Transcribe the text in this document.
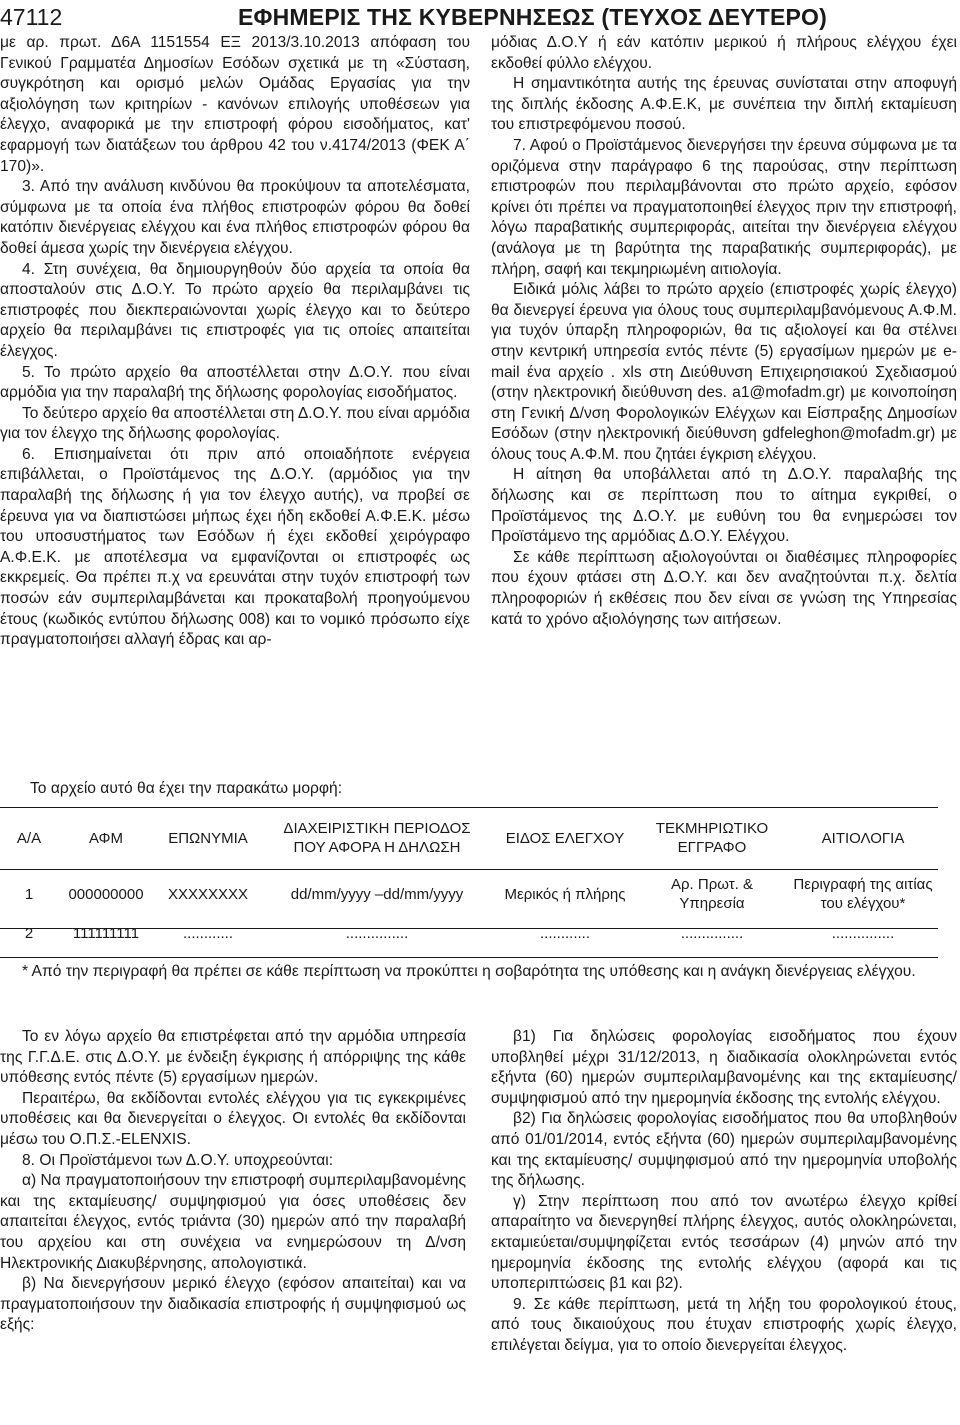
47112	ΕΦΗΜΕΡΙΣ ΤΗΣ ΚΥΒΕΡΝΗΣΕΩΣ (ΤΕΥΧΟΣ ΔΕΥΤΕΡΟ)

με αρ. πρωτ. Δ6Α 1151554 ΕΞ 2013/3.10.2013 απόφαση του Γενικού Γραμματέα Δημοσίων Εσόδων σχετικά με τη «Σύσταση, συγκρότηση και ορισμό μελών Ομάδας Εργασίας για την αξιολόγηση των κριτηρίων - κανόνων επιλογής υποθέσεων για έλεγχο, αναφορικά με την επιστροφή φόρου εισοδήματος, κατ' εφαρμογή των διατάξεων του άρθρου 42 του ν.4174/2013 (ΦΕΚ Α΄ 170)».

3. Από την ανάλυση κινδύνου θα προκύψουν τα αποτελέσματα, σύμφωνα με τα οποία ένα πλήθος επιστροφών φόρου θα δοθεί κατόπιν διενέργειας ελέγχου και ένα πλήθος επιστροφών φόρου θα δοθεί άμεσα χωρίς την διενέργεια ελέγχου.

4. Στη συνέχεια, θα δημιουργηθούν δύο αρχεία τα οποία θα αποσταλούν στις Δ.Ο.Υ. Το πρώτο αρχείο θα περιλαμβάνει τις επιστροφές που διεκπεραιώνονται χωρίς έλεγχο και το δεύτερο αρχείο θα περιλαμβάνει τις επιστροφές για τις οποίες απαιτείται έλεγχος.

5. Το πρώτο αρχείο θα αποστέλλεται στην Δ.Ο.Υ. που είναι αρμόδια για την παραλαβή της δήλωσης φορολογίας εισοδήματος.

Το δεύτερο αρχείο θα αποστέλλεται στη Δ.Ο.Υ. που είναι αρμόδια για τον έλεγχο της δήλωσης φορολογίας.

6. Επισημαίνεται ότι πριν από οποιαδήποτε ενέργεια επιβάλλεται, ο Προϊστάμενος της Δ.Ο.Υ. (αρμόδιος για την παραλαβή της δήλωσης ή για τον έλεγχο αυτής), να προβεί σε έρευνα για να διαπιστώσει μήπως έχει ήδη εκδοθεί Α.Φ.Ε.Κ. μέσω του υποσυστήματος των Εσόδων ή έχει εκδοθεί χειρόγραφο Α.Φ.Ε.Κ. με αποτέλεσμα να εμφανίζονται οι επιστροφές ως εκκρεμείς. Θα πρέπει π.χ να ερευνάται στην τυχόν επιστροφή των ποσών εάν συμπεριλαμβάνεται και προκαταβολή προηγούμενου έτους (κωδικός εντύπου δήλωσης 008) και το νομικό πρόσωπο είχε πραγματοποιήσει αλλαγή έδρας και αρ-

μόδιας Δ.Ο.Υ ή εάν κατόπιν μερικού ή πλήρους ελέγχου έχει εκδοθεί φύλλο ελέγχου.

Η σημαντικότητα αυτής της έρευνας συνίσταται στην αποφυγή της διπλής έκδοσης Α.Φ.Ε.Κ, με συνέπεια την διπλή εκταμίευση του επιστρεφόμενου ποσού.

7. Αφού ο Προϊστάμενος διενεργήσει την έρευνα σύμφωνα με τα οριζόμενα στην παράγραφο 6 της παρούσας, στην περίπτωση επιστροφών που περιλαμβάνονται στο πρώτο αρχείο, εφόσον κρίνει ότι πρέπει να πραγματοποιηθεί έλεγχος πριν την επιστροφή, λόγω παραβατικής συμπεριφοράς, αιτείται την διενέργεια ελέγχου (ανάλογα με τη βαρύτητα της παραβατικής συμπεριφοράς), με πλήρη, σαφή και τεκμηριωμένη αιτιολογία.

Ειδικά μόλις λάβει το πρώτο αρχείο (επιστροφές χωρίς έλεγχο) θα διενεργεί έρευνα για όλους τους συμπεριλαμβανόμενους Α.Φ.Μ. για τυχόν ύπαρξη πληροφοριών, θα τις αξιολογεί και θα στέλνει στην κεντρική υπηρεσία εντός πέντε (5) εργασίμων ημερών με e-mail ένα αρχείο . xls στη Διεύθυνση Επιχειρησιακού Σχεδιασμού (στην ηλεκτρονική διεύθυνση des. a1@mofadm.gr) με κοινοποίηση στη Γενική Δ/νση Φορολογικών Ελέγχων και Είσπραξης Δημοσίων Εσόδων (στην ηλεκτρονική διεύθυνση gdfeleghon@mofadm.gr) με όλους τους Α.Φ.Μ. που ζητάει έγκριση ελέγχου.

Η αίτηση θα υποβάλλεται από τη Δ.Ο.Υ. παραλαβής της δήλωσης και σε περίπτωση που το αίτημα εγκριθεί, ο Προϊστάμενος της Δ.Ο.Υ. με ευθύνη του θα ενημερώσει τον Προϊστάμενο της αρμόδιας Δ.Ο.Υ. Ελέγχου.

Σε κάθε περίπτωση αξιολογούνται οι διαθέσιμες πληροφορίες που έχουν φτάσει στη Δ.Ο.Υ. και δεν αναζητούνται π.χ. δελτία πληροφοριών ή εκθέσεις που δεν είναι σε γνώση της Υπηρεσίας κατά το χρόνο αξιολόγησης των αιτήσεων.

Το αρχείο αυτό θα έχει την παρακάτω μορφή:
Α/Α	ΑΦΜ	ΕΠΩΝΥΜΙΑ	ΔΙΑΧΕΙΡΙΣΤΙΚΗ ΠΕΡΙΟΔΟΣ ΠΟΥ ΑΦΟΡΑ Η ΔΗΛΩΣΗ	ΕΙΔΟΣ ΕΛΕΓΧΟΥ	ΤΕΚΜΗΡΙΩΤΙΚΟ ΕΓΓΡΑΦΟ	ΑΙΤΙΟΛΟΓΙΑ
1	000000000	XXXXXXXX	dd/mm/yyyy –dd/mm/yyyy	Μερικός ή πλήρης	Αρ. Πρωτ. & Υπηρεσία	Περιγραφή της αιτίας του ελέγχου*
2	111111111	............	...............	............	...............	...............
* Από την περιγραφή θα πρέπει σε κάθε περίπτωση να προκύπτει η σοβαρότητα της υπόθεσης και η ανάγκη διενέργειας ελέγχου.

Το εν λόγω αρχείο θα επιστρέφεται από την αρμόδια υπηρεσία της Γ.Γ.Δ.Ε. στις Δ.Ο.Υ. με ένδειξη έγκρισης ή απόρριψης της κάθε υπόθεσης εντός πέντε (5) εργασίμων ημερών.

Περαιτέρω, θα εκδίδονται εντολές ελέγχου για τις εγκεκριμένες υποθέσεις και θα διενεργείται ο έλεγχος. Οι εντολές θα εκδίδονται μέσω του Ο.Π.Σ.-ELENXIS.

8. Οι Προϊστάμενοι των Δ.Ο.Υ. υποχρεούνται:

α) Να πραγματοποιήσουν την επιστροφή συμπεριλαμβανομένης και της εκταμίευσης/ συμψηφισμού για όσες υποθέσεις δεν απαιτείται έλεγχος, εντός τριάντα (30) ημερών από την παραλαβή του αρχείου και στη συνέχεια να ενημερώσουν τη Δ/νση Ηλεκτρονικής Διακυβέρνησης, απολογιστικά.

β) Να διενεργήσουν μερικό έλεγχο (εφόσον απαιτείται) και να πραγματοποιήσουν την διαδικασία επιστροφής ή συμψηφισμού ως εξής:

β1) Για δηλώσεις φορολογίας εισοδήματος που έχουν υποβληθεί μέχρι 31/12/2013, η διαδικασία ολοκληρώνεται εντός εξήντα (60) ημερών συμπεριλαμβανομένης και της εκταμίευσης/ συμψηφισμού από την ημερομηνία έκδοσης της εντολής ελέγχου.

β2) Για δηλώσεις φορολογίας εισοδήματος που θα υποβληθούν από 01/01/2014, εντός εξήντα (60) ημερών συμπεριλαμβανομένης και της εκταμίευσης/ συμψηφισμού από την ημερομηνία υποβολής της δήλωσης.

γ) Στην περίπτωση που από τον ανωτέρω έλεγχο κρίθεί απαραίτητο να διενεργηθεί πλήρης έλεγχος, αυτός ολοκληρώνεται, εκταμιεύεται/συμψηφίζεται εντός τεσσάρων (4) μηνών από την ημερομηνία έκδοσης της εντολής ελέγχου (αφορά και τις υποπεριπτώσεις β1 και β2).

9. Σε κάθε περίπτωση, μετά τη λήξη του φορολογικού έτους, από τους δικαιούχους που έτυχαν επιστροφής χωρίς έλεγχο, επιλέγεται δείγμα, για το οποίο διενεργείται έλεγχος.
